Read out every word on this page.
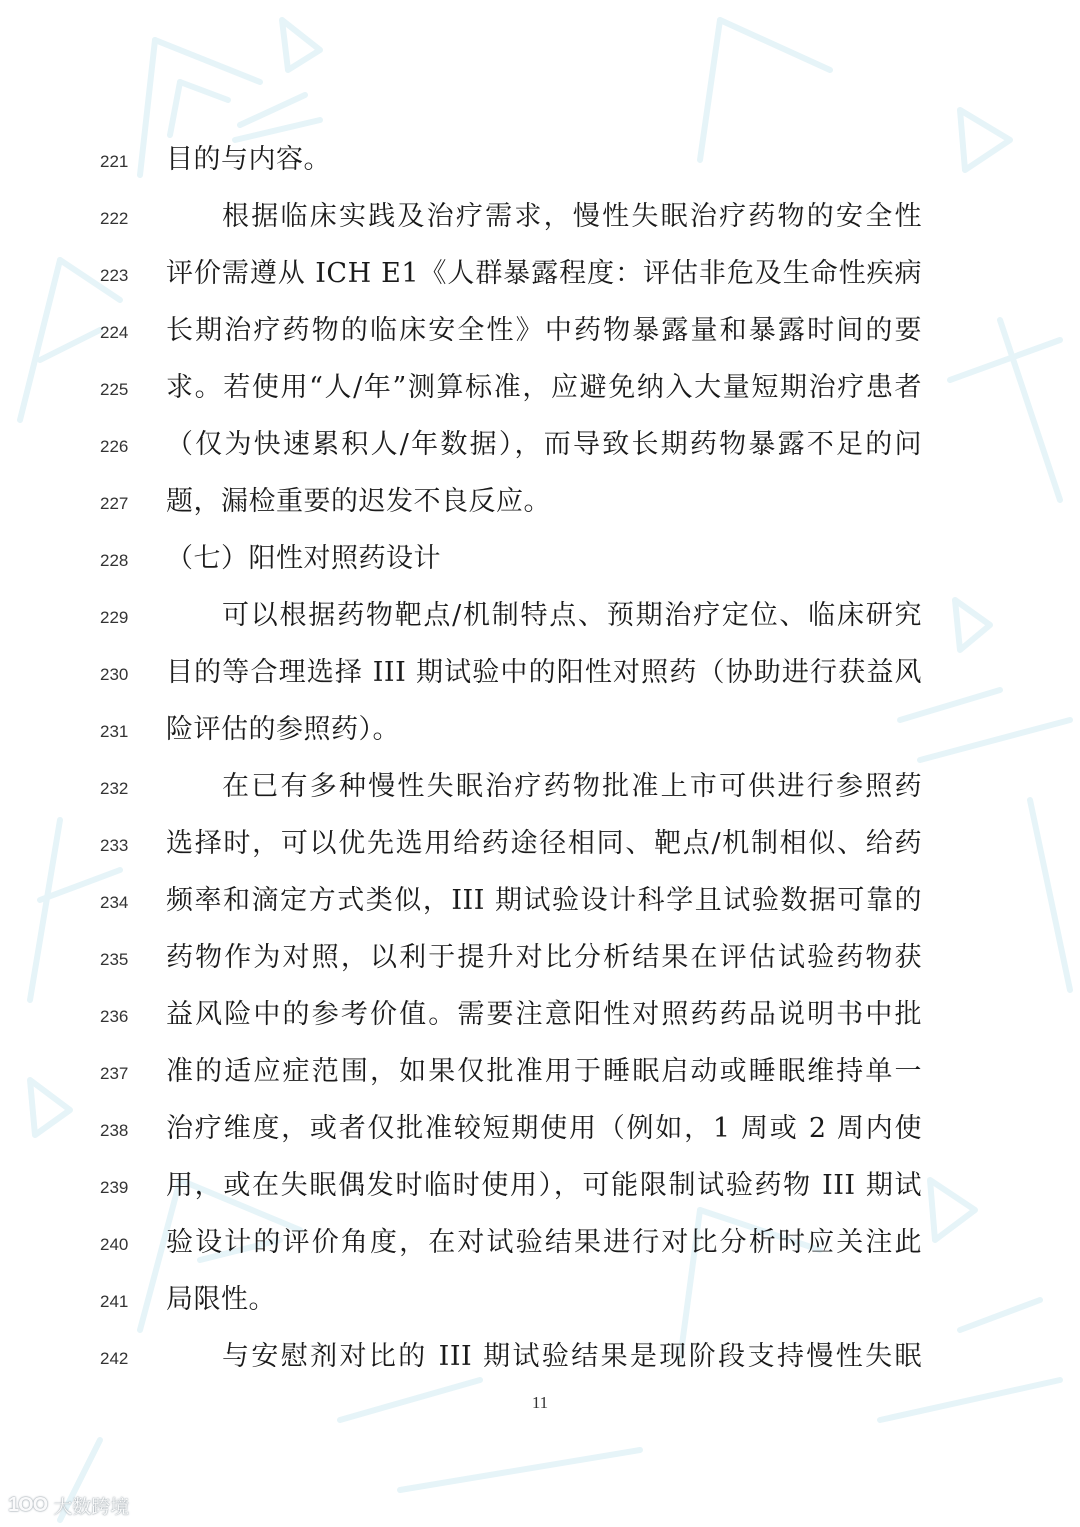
221	目的与内容。
222	根据临床实践及治疗需求，慢性失眠治疗药物的安全性
223	评价需遵从 ICH E1《人群暴露程度：评估非危及生命性疾病
224	长期治疗药物的临床安全性》中药物暴露量和暴露时间的要
225	求。若使用“人/年”测算标准，应避免纳入大量短期治疗患者
226	（仅为快速累积人/年数据），而导致长期药物暴露不足的问
227	题，漏检重要的迟发不良反应。
228	（七）阳性对照药设计
229	可以根据药物靶点/机制特点、预期治疗定位、临床研究
230	目的等合理选择 III 期试验中的阳性对照药（协助进行获益风
231	险评估的参照药）。
232	在已有多种慢性失眠治疗药物批准上市可供进行参照药
233	选择时，可以优先选用给药途径相同、靶点/机制相似、给药
234	频率和滴定方式类似，III 期试验设计科学且试验数据可靠的
235	药物作为对照，以利于提升对比分析结果在评估试验药物获
236	益风险中的参考价值。需要注意阳性对照药药品说明书中批
237	准的适应症范围，如果仅批准用于睡眠启动或睡眠维持单一
238	治疗维度，或者仅批准较短期使用（例如，1 周或 2 周内使
239	用，或在失眠偶发时临时使用），可能限制试验药物 III 期试
240	验设计的评价角度，在对试验结果进行对比分析时应关注此
241	局限性。
242	与安慰剂对比的 III 期试验结果是现阶段支持慢性失眠
11
1OO 大数跨境
